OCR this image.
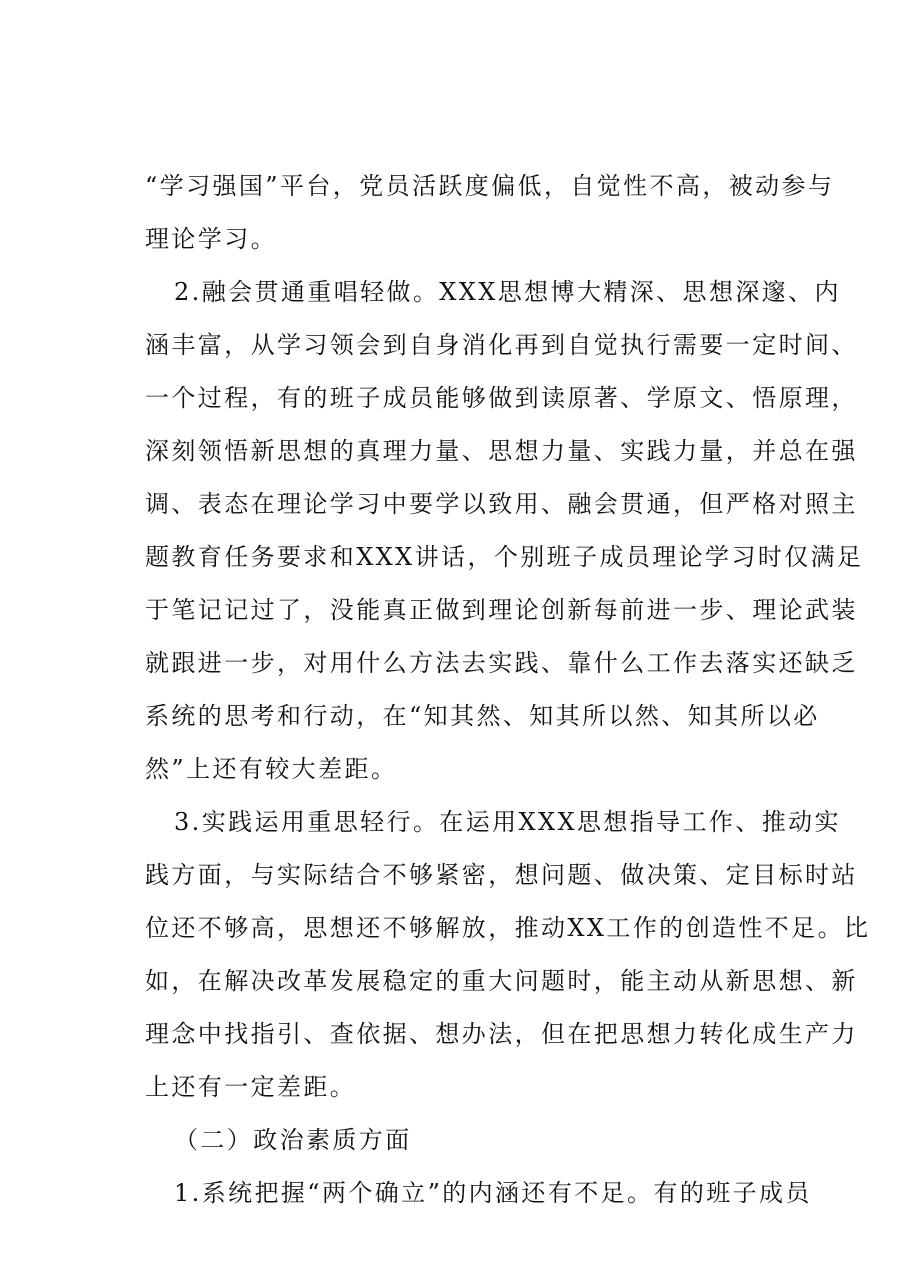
“学习强国”平台，党员活跃度偏低，自觉性不高，被动参与
理论学习。
2.融会贯通重唱轻做。XXX思想博大精深、思想深邃、内
涵丰富，从学习领会到自身消化再到自觉执行需要一定时间、
一个过程，有的班子成员能够做到读原著、学原文、悟原理，
深刻领悟新思想的真理力量、思想力量、实践力量，并总在强
调、表态在理论学习中要学以致用、融会贯通，但严格对照主
题教育任务要求和XXX讲话，个别班子成员理论学习时仅满足
于笔记记过了，没能真正做到理论创新每前进一步、理论武装
就跟进一步，对用什么方法去实践、靠什么工作去落实还缺乏
系统的思考和行动，在“知其然、知其所以然、知其所以必
然”上还有较大差距。
3.实践运用重思轻行。在运用XXX思想指导工作、推动实
践方面，与实际结合不够紧密，想问题、做决策、定目标时站
位还不够高，思想还不够解放，推动XX工作的创造性不足。比
如，在解决改革发展稳定的重大问题时，能主动从新思想、新
理念中找指引、查依据、想办法，但在把思想力转化成生产力
上还有一定差距。
（二）政治素质方面
1.系统把握“两个确立”的内涵还有不足。有的班子成员
